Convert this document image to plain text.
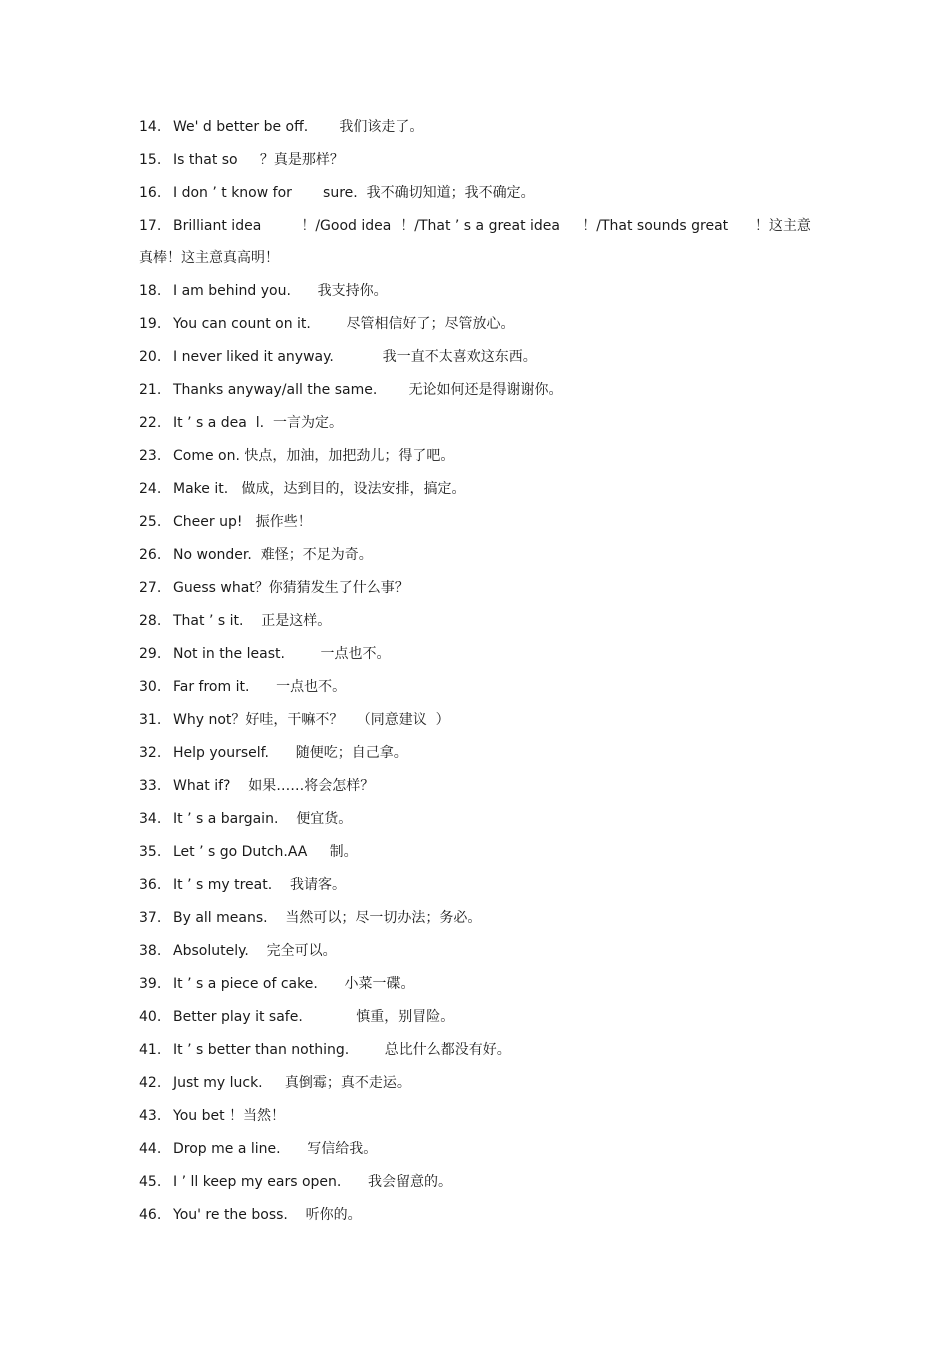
14. We' d better be off.       我们该走了。
15. Is that so     ？真是那样？
16. I don ’ t know for       sure.  我不确切知道；我不确定。
17. Brilliant idea         ！/Good idea  ！/That ’ s a great idea     ！/That sounds great      ！这主意真棒！这主意真高明！
18. I am behind you.      我支持你。
19. You can count on it.        尽管相信好了；尽管放心。
20. I never liked it anyway.           我一直不太喜欢这东西。
21. Thanks anyway/all the same.       无论如何还是得谢谢你。
22. It ’ s a dea  l.  一言为定。
23. Come on. 快点，加油，加把劲儿；得了吧。
24. Make it.   做成，达到目的，设法安排，搞定。
25. Cheer up!   振作些！
26. No wonder.  难怪；不足为奇。
27. Guess what？你猜猜发生了什么事？
28. That ’ s it.    正是这样。
29. Not in the least.        一点也不。
30. Far from it.      一点也不。
31. Why not？好哇，干嘛不？   （同意建议  ）
32. Help yourself.      随便吃；自己拿。
33. What if?    如果……将会怎样？
34. It ’ s a bargain.    便宜货。
35. Let ’ s go Dutch.AA     制。
36. It ’ s my treat.    我请客。
37. By all means.    当然可以；尽一切办法；务必。
38. Absolutely.    完全可以。
39. It ’ s a piece of cake.      小菜一碟。
40. Better play it safe.            慎重，别冒险。
41. It ’ s better than nothing.        总比什么都没有好。
42. Just my luck.     真倒霉；真不走运。
43. You bet ！当然！
44. Drop me a line.      写信给我。
45. I ’ ll keep my ears open.      我会留意的。
46. You' re the boss.    听你的。
